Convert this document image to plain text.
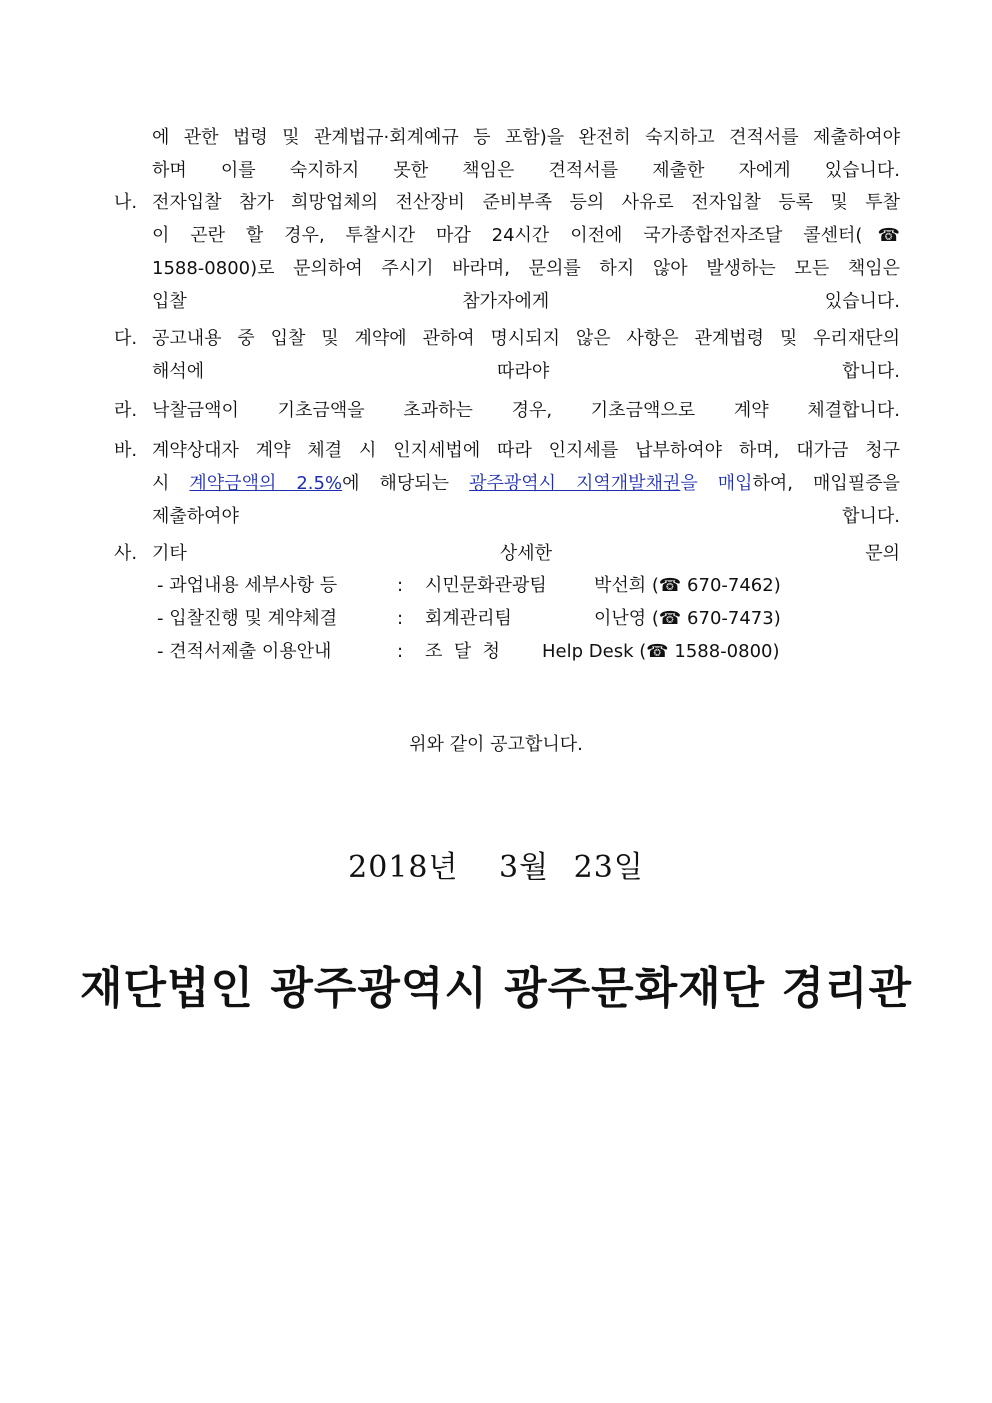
에 관한 법령 및 관계법규·회계예규 등 포함)을 완전히 숙지하고 견적서를 제출하여야
하며 이를 숙지하지 못한 책임은 견적서를 제출한 자에게 있습니다.
나. 전자입찰 참가 희망업체의 전산장비 준비부족 등의 사유로 전자입찰 등록 및 투찰
이 곤란 할 경우, 투찰시간 마감 24시간 이전에 국가종합전자조달 콜센터(☎
1588-0800)로 문의하여 주시기 바라며, 문의를 하지 않아 발생하는 모든 책임은
입찰 참가자에게 있습니다.
다. 공고내용 중 입찰 및 계약에 관하여 명시되지 않은 사항은 관계법령 및 우리재단의
해석에 따라야 합니다.
라. 낙찰금액이 기초금액을 초과하는 경우, 기초금액으로 계약 체결합니다.
바. 계약상대자 계약 체결 시 인지세법에 따라 인지세를 납부하여야 하며, 대가금 청구
시 계약금액의 2.5%에 해당되는 광주광역시 지역개발채권을 매입하여, 매입필증을
제출하여야 합니다.
사. 기타 상세한 문의
- 과업내용 세부사항 등	: 시민문화관광팀	박선희 (☎ 670-7462)
- 입찰진행 및 계약체결	: 회계관리팀	이난영 (☎ 670-7473)
- 견적서제출 이용안내	: 조  달  청 Help Desk (☎ 1588-0800)
위와 같이 공고합니다.
2018년 3월 23일
재단법인 광주광역시 광주문화재단 경리관
